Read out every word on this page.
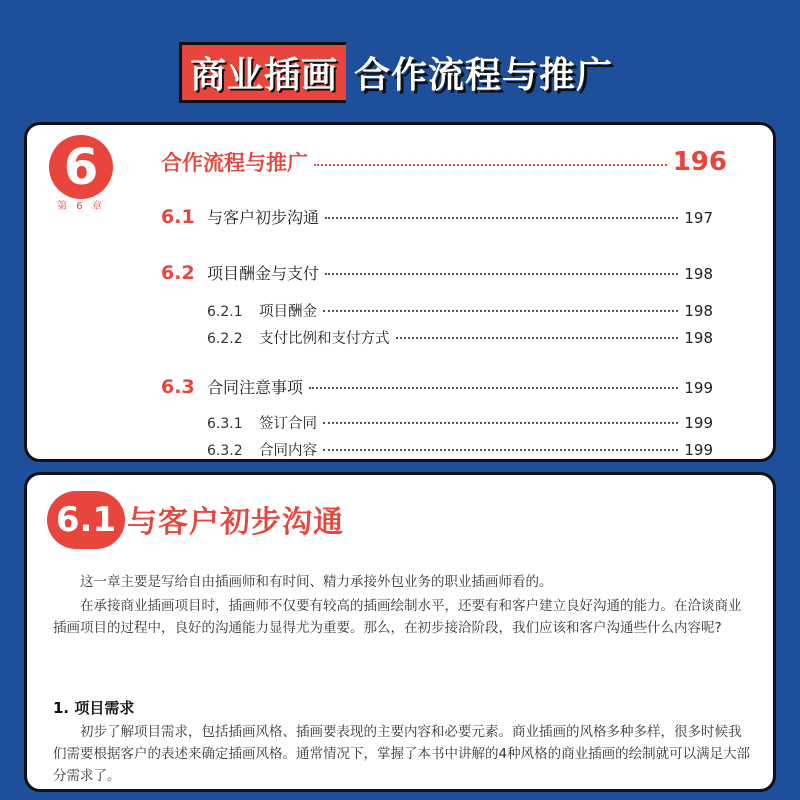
商业插画 合作流程与推广
6
第 6 章
合作流程与推广	196
6.1 与客户初步沟通	197
6.2 项目酬金与支付	198
6.2.1	项目酬金	198
6.2.2	支付比例和支付方式	198
6.3 合同注意事项	199
6.3.1	签订合同	199
6.3.2	合同内容	199
6.1 与客户初步沟通

这一章主要是写给自由插画师和有时间、精力承接外包业务的职业插画师看的。

在承接商业插画项目时，插画师不仅要有较高的插画绘制水平，还要有和客户建立良好沟通的能力。在洽谈商业插画项目的过程中，良好的沟通能力显得尤为重要。那么，在初步接洽阶段，我们应该和客户沟通些什么内容呢?

1. 项目需求

初步了解项目需求，包括插画风格、插画要表现的主要内容和必要元素。商业插画的风格多种多样，很多时候我们需要根据客户的表述来确定插画风格。通常情况下，掌握了本书中讲解的4种风格的商业插画的绘制就可以满足大部分需求了。
